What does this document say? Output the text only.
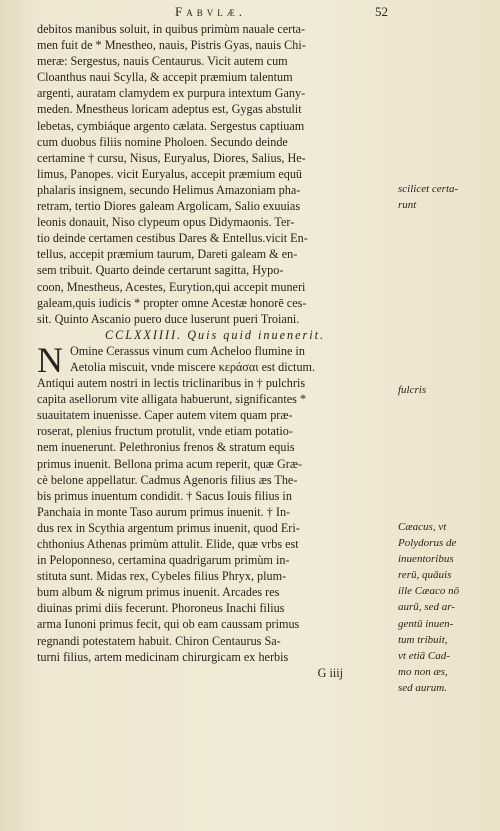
Fabvlæ.	52
debitos manibus soluit, in quibus primùm nauale certa-
men fuit de * Mnestheo, nauis, Pistris Gyas, nauis Chi-
meræ: Sergestus, nauis Centaurus. Vicit autem cum
Cloanthus naui Scylla, & accepit præmium talentum
argenti, auratam clamydem ex purpura intextum Gany-
meden. Mnestheus loricam adeptus est, Gygas abstulit
lebetas, cymbiáque argento cælata. Sergestus captiuam
cum duobus filiis nomine Pholoen. Secundo deinde
certamine † cursu, Nisus, Euryalus, Diores, Salius, He-
limus, Panopes. vicit Euryalus, accepit præmium equū
phalaris insignem, secundo Helimus Amazoniam pha-
retram, tertio Diores galeam Argolicam, Salio exuuias
leonis donauit, Niso clypeum opus Didymaonis. Ter-
tio deinde certamen cestibus Dares & Entellus.vicit En-
tellus, accepit præmium taurum, Dareti galeam & en-
sem tribuit. Quarto deinde certarunt sagitta, Hypo-
coon, Mnestheus, Acestes, Eurytion,qui accepit muneri
galeam,quis iudicis * propter omne Acestæ honorē ces-
sit. Quinto Ascanio puero duce luserunt pueri Troiani.
CCLXXIIII. Quis quid inuenerit.
N Omine Cerassus vinum cum Acheloo flumine in
Aetolia miscuit, vnde miscere κεράσαι est dictum.
Antiqui autem nostri in lectis triclinaribus in † pulchris
capita asellorum vite alligata habuerunt, significantes *
suauitatem inuenisse. Caper autem vitem quam præ-
roserat, plenius fructum protulit, vnde etiam potatio-
nem inuenerunt. Pelethronius frenos & stratum equis
primus inuenit. Bellona prima acum reperit, quæ Græ-
cè belone appellatur. Cadmus Agenoris filius æs The-
bis primus inuentum condidit. † Sacus Iouis filius in
Panchaia in monte Taso aurum primus inuenit. † In-
dus rex in Scythia argentum primus inuenit, quod Eri-
chthonius Athenas primùm attulit. Elide, quæ vrbs est
in Peloponneso, certamina quadrigarum primùm in-
stituta sunt. Midas rex, Cybeles filius Phryx, plum-
bum album & nigrum primus inuenit. Arcades res
diuinas primi diis fecerunt. Phoroneus Inachi filius
arma Iunoni primus fecit, qui ob eam caussam primus
regnandi potestatem habuit. Chiron Centaurus Sa-
turni filius, artem medicinam chirurgicam ex herbis
G iiij
scilicet certa-
runt
fulcris
Cæacus, vt
Polydorus de
inuentoribus
rerū, quāuis
ille Cæaco nō
aurū, sed ar-
gentū inuen-
tum tribuit,
vt etiā Cad-
mo non æs,
sed aurum.
